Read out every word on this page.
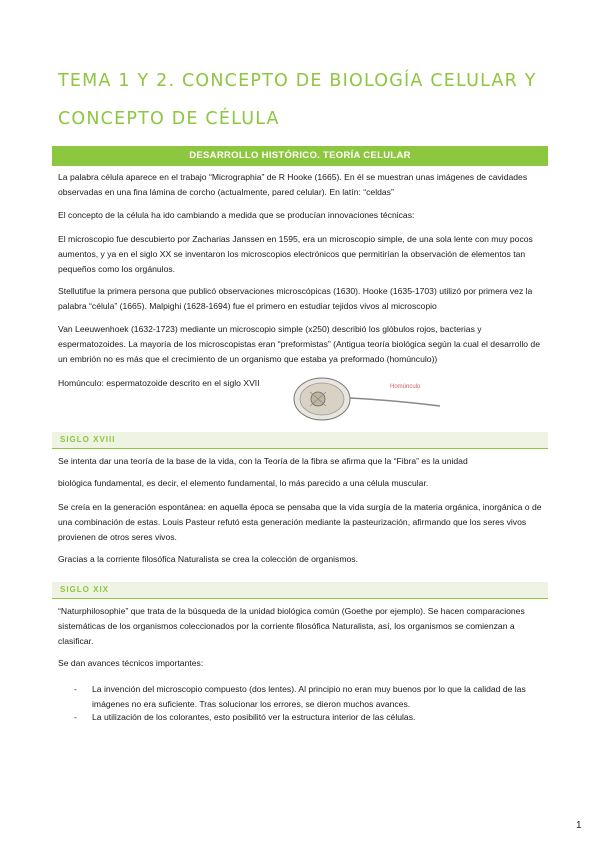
TEMA 1 Y 2. CONCEPTO DE BIOLOGÍA CELULAR Y
CONCEPTO DE CÉLULA
DESARROLLO HISTÓRICO. TEORÍA CELULAR

La palabra célula aparece en el trabajo “Micrographia” de R Hooke (1665). En él se muestran unas imágenes de cavidades observadas en una fina lámina de corcho (actualmente, pared celular). En latín: “celdas”

El concepto de la célula ha ido cambiando a medida que se producían innovaciones técnicas:

El microscopio fue descubierto por Zacharias Janssen en 1595, era un microscopio simple, de una sola lente con muy pocos aumentos, y ya en el siglo XX se inventaron los microscopios electrónicos que permitirían la observación de elementos tan pequeños como los orgánulos.

Stellutifue la primera persona que publicó observaciones microscópicas (1630). Hooke (1635-1703) utilizó por primera vez la palabra “célula” (1665). Malpighi (1628-1694) fue el primero en estudiar tejidos vivos al microscopio

Van Leeuwenhoek (1632-1723) mediante un microscopio simple (x250) describió los glóbulos rojos, bacterias y espermatozoides. La mayoría de los microscopistas eran “preformistas” (Antigua teoría biológica según la cual el desarrollo de un embrión no es más que el crecimiento de un organismo que estaba ya preformado (homúnculo))

Homúnculo: espermatozoide descrito en el siglo XVII	Homúnculo
SIGLO XVIII

Se intenta dar una teoría de la base de la vida, con la Teoría de la fibra se afirma que la “Fibra” es la unidad

biológica fundamental, es decir, el elemento fundamental, lo más parecido a una célula muscular.

Se creía en la generación espontánea: en aquella época se pensaba que la vida surgía de la materia orgánica, inorgánica o de una combinación de estas. Louis Pasteur refutó esta generación mediante la pasteurización, afirmando que los seres vivos provienen de otros seres vivos.

Gracias a la corriente filosófica Naturalista se crea la colección de organismos.

SIGLO XIX

“Naturphilosophie” que trata de la búsqueda de la unidad biológica común (Goethe por ejemplo). Se hacen comparaciones sistemáticas de los organismos coleccionados por la corriente filosófica Naturalista, así, los organismos se comienzan a clasificar.

Se dan avances técnicos importantes:

- La invención del microscopio compuesto (dos lentes). Al principio no eran muy buenos por lo que la calidad de las imágenes no era suficiente. Tras solucionar los errores, se dieron muchos avances.

- La utilización de los colorantes, esto posibilitó ver la estructura interior de las células.

1
